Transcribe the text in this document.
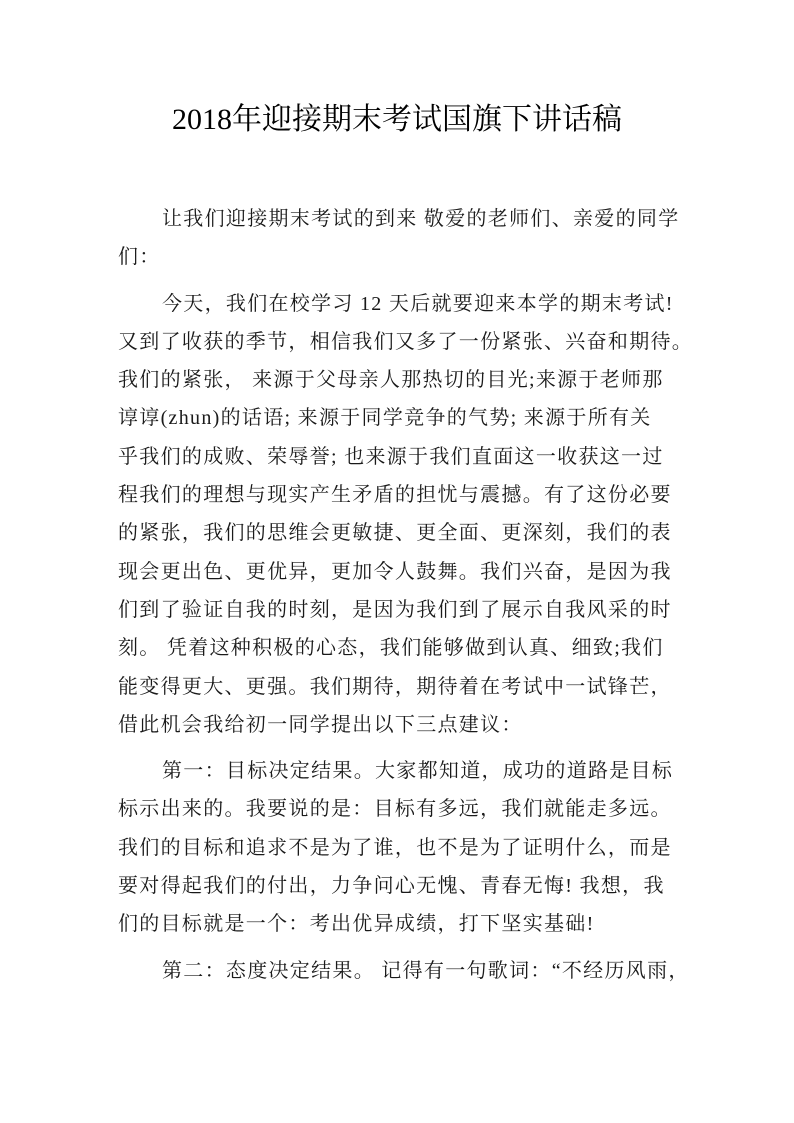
2018年迎接期末考试国旗下讲话稿
让我们迎接期末考试的到来 敬爱的老师们、亲爱的同学
们：
今天，我们在校学习 12 天后就要迎来本学的期末考试!
又到了收获的季节，相信我们又多了一份紧张、兴奋和期待。
我们的紧张， 来源于父母亲人那热切的目光;来源于老师那
谆谆(zhun)的话语; 来源于同学竞争的气势; 来源于所有关
乎我们的成败、荣辱誉; 也来源于我们直面这一收获这一过
程我们的理想与现实产生矛盾的担忧与震撼。有了这份必要
的紧张，我们的思维会更敏捷、更全面、更深刻，我们的表
现会更出色、更优异，更加令人鼓舞。我们兴奋，是因为我
们到了验证自我的时刻，是因为我们到了展示自我风采的时
刻。 凭着这种积极的心态，我们能够做到认真、细致;我们
能变得更大、更强。我们期待，期待着在考试中一试锋芒，
借此机会我给初一同学提出以下三点建议：
第一：目标决定结果。大家都知道，成功的道路是目标
标示出来的。我要说的是：目标有多远，我们就能走多远。
我们的目标和追求不是为了谁，也不是为了证明什么，而是
要对得起我们的付出，力争问心无愧、青春无悔! 我想，我
们的目标就是一个：考出优异成绩，打下坚实基础!
第二：态度决定结果。 记得有一句歌词：“不经历风雨，
